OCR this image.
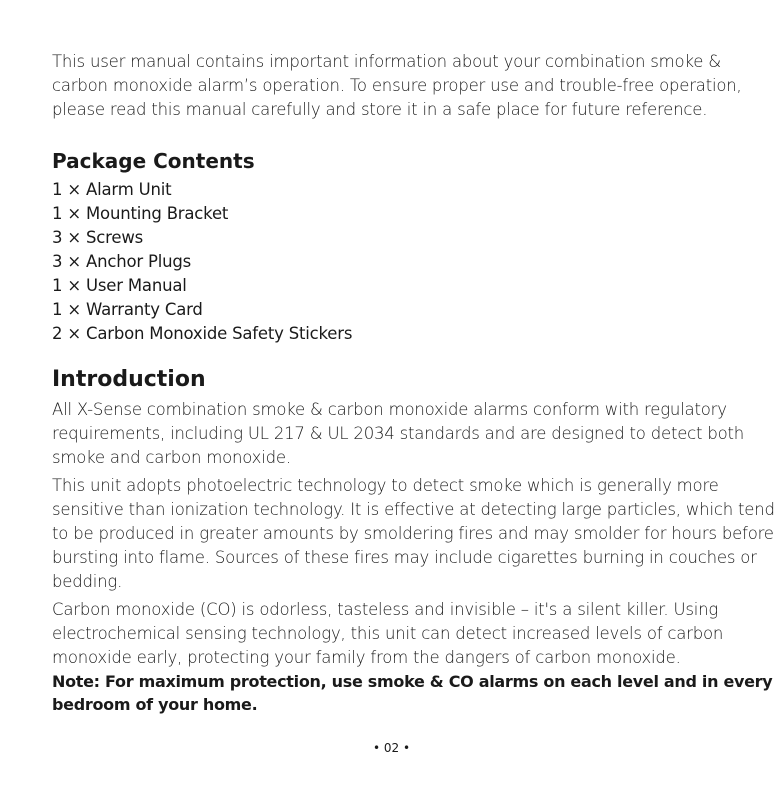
This user manual contains important information about your combination smoke & carbon monoxide alarm’s operation. To ensure proper use and trouble-free operation, please read this manual carefully and store it in a safe place for future reference.

Package Contents
1 × Alarm Unit
1 × Mounting Bracket
3 × Screws
3 × Anchor Plugs
1 × User Manual
1 × Warranty Card
2 × Carbon Monoxide Safety Stickers
Introduction

All X-Sense combination smoke & carbon monoxide alarms conform with regulatory requirements, including UL 217 & UL 2034 standards and are designed to detect both smoke and carbon monoxide.

This unit adopts photoelectric technology to detect smoke which is generally more sensitive than ionization technology. It is effective at detecting large particles, which tend to be produced in greater amounts by smoldering fires and may smolder for hours before bursting into flame. Sources of these fires may include cigarettes burning in couches or bedding.

Carbon monoxide (CO) is odorless, tasteless and invisible – it's a silent killer. Using electrochemical sensing technology, this unit can detect increased levels of carbon monoxide early, protecting your family from the dangers of carbon monoxide.

Note: For maximum protection, use smoke & CO alarms on each level and in every bedroom of your home.

• 02 •
